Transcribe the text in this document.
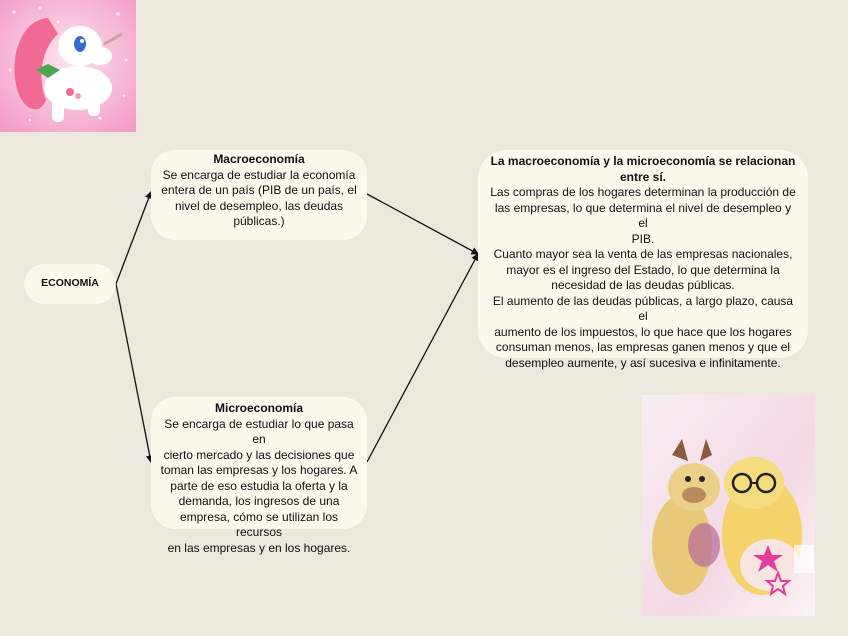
ECONOMÍA
Macroeconomía
Se encarga de estudiar la economía
entera de un país (PIB de un país, el
nivel de desempleo, las deudas
públicas.)
Microeconomía
Se encarga de estudiar lo que pasa en
cierto mercado y las decisiones que
toman las empresas y los hogares. A
parte de eso estudia la oferta y la
demanda, los ingresos de una
empresa, cómo se utilizan los recursos
en las empresas y en los hogares.
La macroeconomía y la microeconomía se relacionan
entre sí.
Las compras de los hogares determinan la producción de
las empresas, lo que determina el nivel de desempleo y el
PIB.
Cuanto mayor sea la venta de las empresas nacionales,
mayor es el ingreso del Estado, lo que determina la
necesidad de las deudas públicas.
El aumento de las deudas públicas, a largo plazo, causa el
aumento de los impuestos, lo que hace que los hogares
consuman menos, las empresas ganen menos y que el
desempleo aumente, y así sucesiva e infinitamente.
